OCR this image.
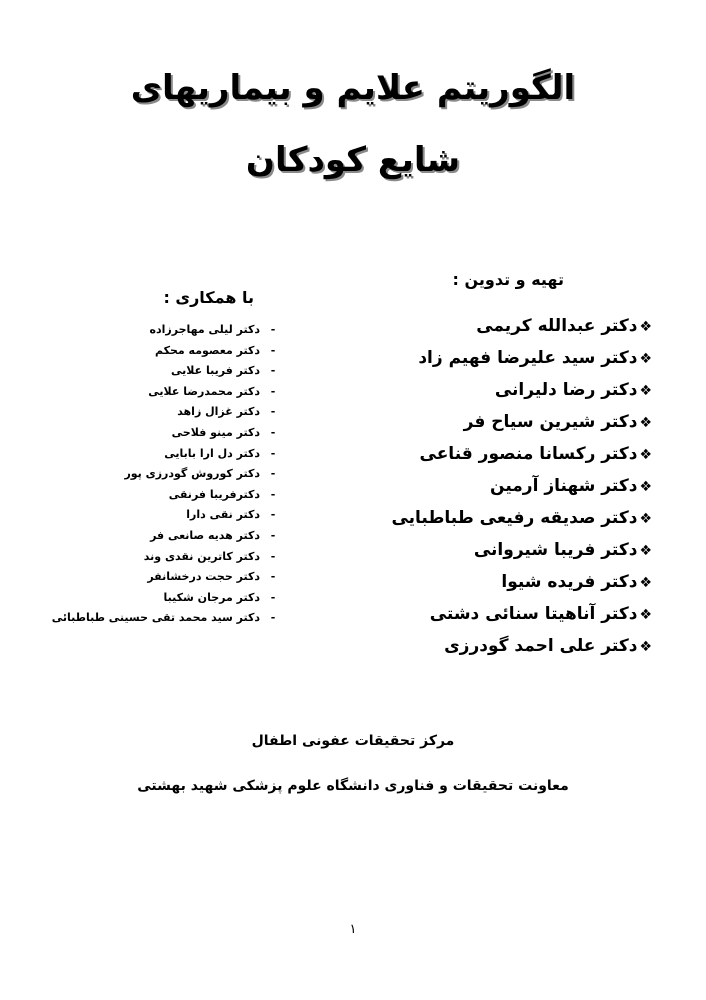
الگوریتم علایم و بیماریهای
شایع کودکان
تهیه و تدوین :
با همکاری :
❖دکتر عبدالله کریمی
❖دکتر سید علیرضا فهیم زاد
❖دکتر رضا دلیرانی
❖دکتر شیرین سیاح فر
❖دکتر رکسانا منصور قناعی
❖دکتر شهناز آرمین
❖دکتر صدیقه رفیعی طباطبایی
❖دکتر فریبا شیروانی
❖دکتر فریده شیوا
❖دکتر آناهیتا سنائی دشتی
❖دکتر علی احمد گودرزی
-دکتر لیلی مهاجرزاده
-دکتر معصومه محکم
-دکتر فریبا علایی
-دکتر محمدرضا علایی
-دکتر غزال زاهد
-دکتر مینو فلاحی
-دکتر دل ارا بابایی
-دکتر کوروش گودرزی پور
-دکترفریبا فرنقی
-دکتر نقی دارا
-دکتر هدیه صانعی فر
-دکتر کاترین نقدی وند
-دکتر حجت درخشانفر
-دکتر مرجان شکیبا
-دکتر سید محمد تقی حسینی طباطبائی
مرکز تحقیقات عفونی اطفال
معاونت تحقیقات و فناوری دانشگاه علوم پزشکی شهید بهشتی
١
